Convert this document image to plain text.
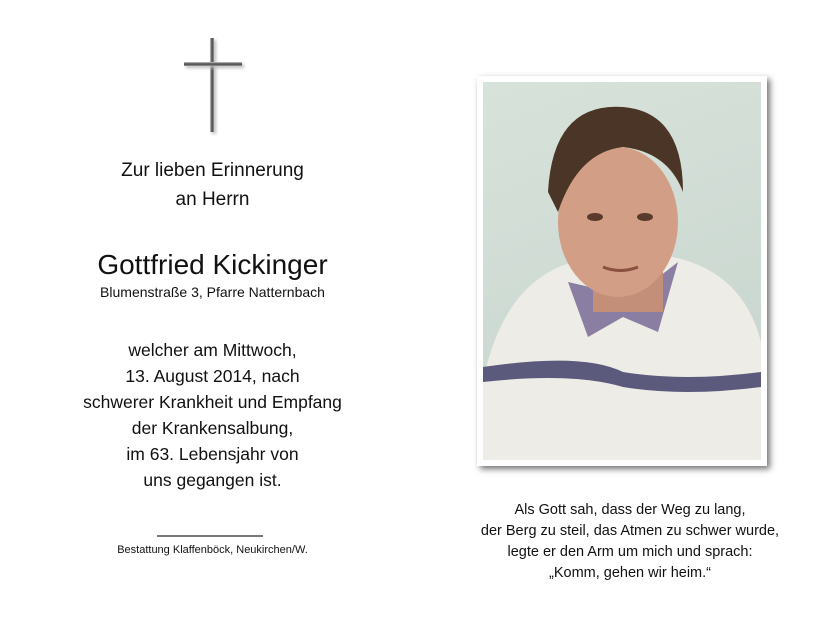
Zur lieben Erinnerung
an Herrn
Gottfried Kickinger
Blumenstraße 3, Pfarre Natternbach
welcher am Mittwoch,
13. August 2014, nach
schwerer Krankheit und Empfang
der Krankensalbung,
im 63. Lebensjahr von
uns gegangen ist.
Bestattung Klaffenböck, Neukirchen/W.
Als Gott sah, dass der Weg zu lang,
der Berg zu steil, das Atmen zu schwer wurde,
legte er den Arm um mich und sprach:
„Komm, gehen wir heim.“
